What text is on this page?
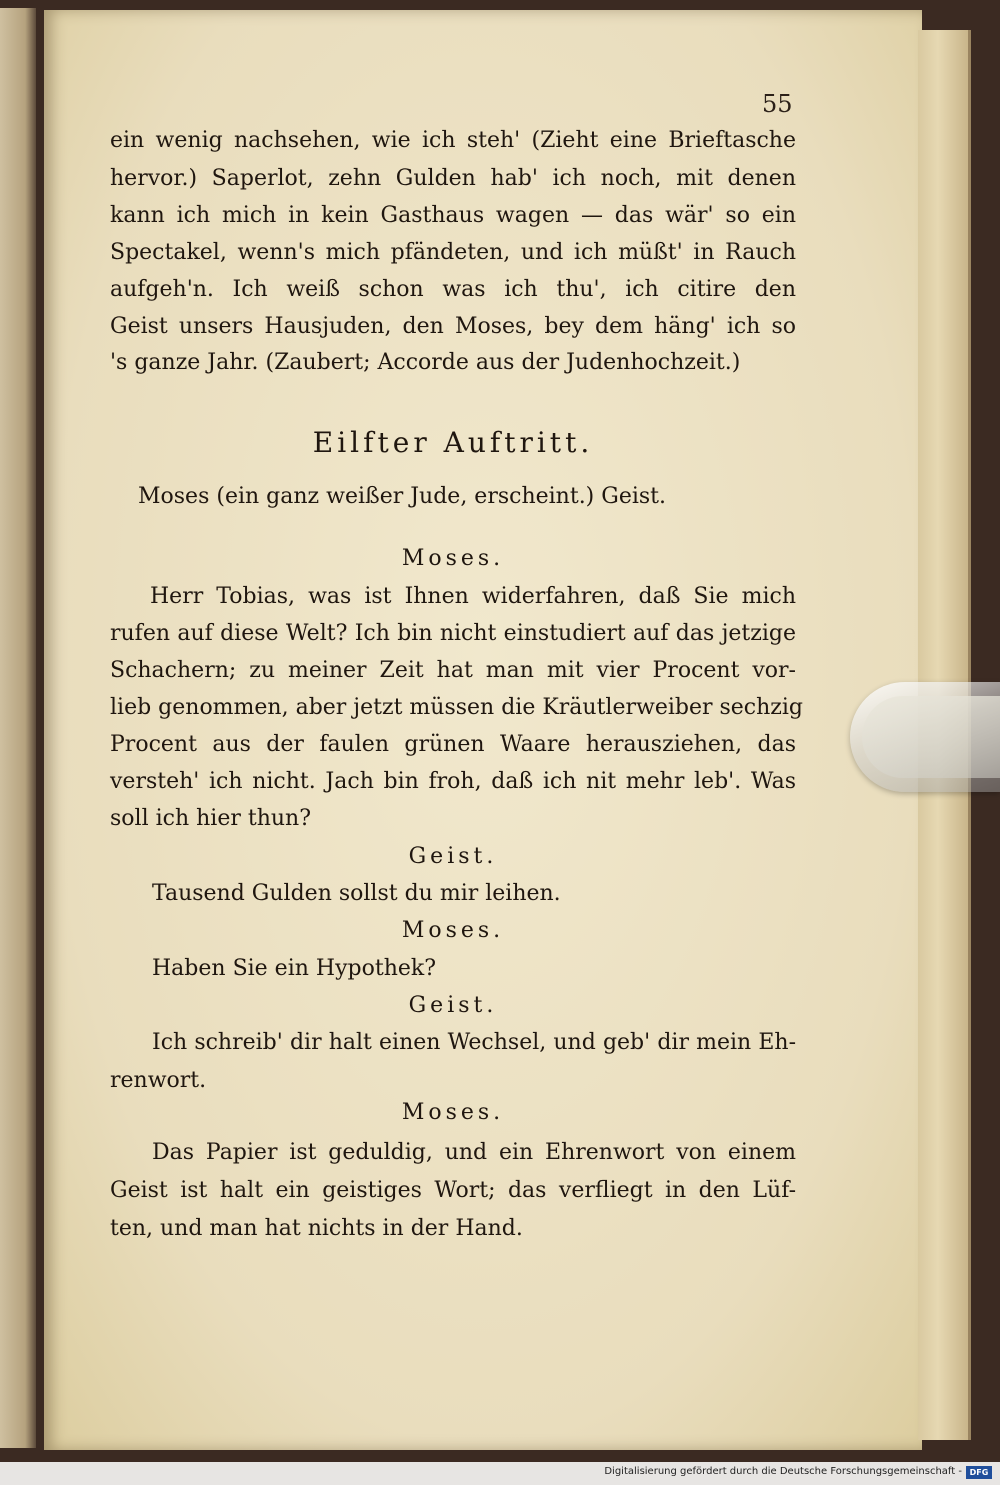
55
ein wenig nachsehen, wie ich steh' (Zieht eine Brieftasche
hervor.) Saperlot, zehn Gulden hab' ich noch, mit denen
kann ich mich in kein Gasthaus wagen — das wär' so ein
Spectakel, wenn's mich pfändeten, und ich müßt' in Rauch
aufgeh'n. Ich weiß schon was ich thu', ich citire den
Geist unsers Hausjuden, den Moses, bey dem häng' ich so
's ganze Jahr. (Zaubert; Accorde aus der Judenhochzeit.)
Eilfter Auftritt.
Moses (ein ganz weißer Jude, erscheint.) Geist.
Moses.
Herr Tobias, was ist Ihnen widerfahren, daß Sie mich
rufen auf diese Welt? Ich bin nicht einstudiert auf das jetzige
Schachern; zu meiner Zeit hat man mit vier Procent vor-
lieb genommen, aber jetzt müssen die Kräutlerweiber sechzig
Procent aus der faulen grünen Waare herausziehen, das
versteh' ich nicht. Jach bin froh, daß ich nit mehr leb'. Was
soll ich hier thun?
Geist.
Tausend Gulden sollst du mir leihen.
Moses.
Haben Sie ein Hypothek?
Geist.
Ich schreib' dir halt einen Wechsel, und geb' dir mein Eh-
renwort.
Moses.
Das Papier ist geduldig, und ein Ehrenwort von einem
Geist ist halt ein geistiges Wort; das verfliegt in den Lüf-
ten, und man hat nichts in der Hand.
Digitalisierung gefördert durch die Deutsche Forschungsgemeinschaft - DFG
